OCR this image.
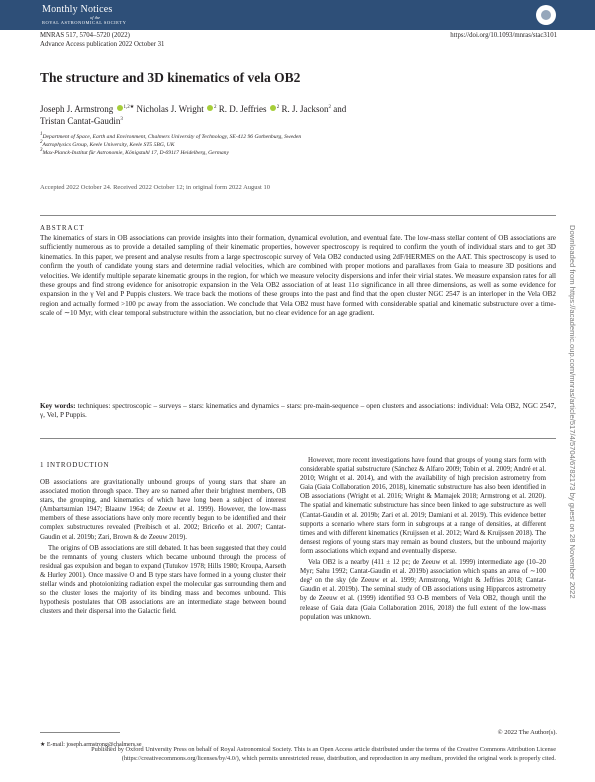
Monthly Notices
of the
ROYAL ASTRONOMICAL SOCIETY
MNRAS 517, 5704–5720 (2022)	https://doi.org/10.1093/mnras/stac3101
Advance Access publication 2022 October 31
The structure and 3D kinematics of vela OB2
Joseph J. Armstrong $^{1,2★}$ Nicholas J. Wright $^2$ R. D. Jeffries $^2$ R. J. Jackson$^2$ and
Tristan Cantat-Gaudin$^3$
$^1$Department of Space, Earth and Environment, Chalmers University of Technology, SE-412 96 Gothenburg, Sweden
$^2$Astrophysics Group, Keele University, Keele ST5 5BG, UK
$^3$Max-Planck-Institut für Astronomie, Königstuhl 17, D-69117 Heidelberg, Germany
Accepted 2022 October 24. Received 2022 October 12; in original form 2022 August 10
ABSTRACT
The kinematics of stars in OB associations can provide insights into their formation, dynamical evolution, and eventual fate. The low-mass stellar content of OB associations are sufficiently numerous as to provide a detailed sampling of their kinematic properties, however spectroscopy is required to confirm the youth of individual stars and to get 3D kinematics. In this paper, we present and analyse results from a large spectroscopic survey of Vela OB2 conducted using 2dF/HERMES on the AAT. This spectroscopy is used to confirm the youth of candidate young stars and determine radial velocities, which are combined with proper motions and parallaxes from Gaia to measure 3D positions and velocities. We identify multiple separate kinematic groups in the region, for which we measure velocity dispersions and infer their virial states. We measure expansion rates for all these groups and find strong evidence for anisotropic expansion in the Vela OB2 association of at least 11σ significance in all three dimensions, as well as some evidence for expansion in the γ Vel and P Puppis clusters. We trace back the motions of these groups into the past and find that the open cluster NGC 2547 is an interloper in the Vela OB2 region and actually formed >100 pc away from the association. We conclude that Vela OB2 must have formed with considerable spatial and kinematic substructure over a time-scale of ∼10 Myr, with clear temporal substructure within the association, but no clear evidence for an age gradient.
Key words: techniques: spectroscopic – surveys – stars: kinematics and dynamics – stars: pre-main-sequence – open clusters and associations: individual: Vela OB2, NGC 2547, γ, Vel, P Puppis.
1 INTRODUCTION

OB associations are gravitationally unbound groups of young stars that share an associated motion through space. They are so named after their brightest members, OB stars, the grouping, and kinematics of which have long been a subject of interest (Ambartsumian 1947; Blaauw 1964; de Zeeuw et al. 1999). However, the low-mass members of these associations have only more recently begun to be identified and their complex substructures revealed (Preibisch et al. 2002; Briceño et al. 2007; Cantat-Gaudin et al. 2019b; Zari, Brown & de Zeeuw 2019).

The origins of OB associations are still debated. It has been suggested that they could be the remnants of young clusters which became unbound through the process of residual gas expulsion and began to expand (Tutukov 1978; Hills 1980; Kroupa, Aarseth & Hurley 2001). Once massive O and B type stars have formed in a young cluster their stellar winds and photoionizing radiation expel the molecular gas surrounding them and so the cluster loses the majority of its binding mass and becomes unbound. This hypothesis postulates that OB associations are an intermediate stage between bound clusters and their dispersal into the Galactic field.

However, more recent investigations have found that groups of young stars form with considerable spatial substructure (Sánchez & Alfaro 2009; Tobin et al. 2009; André et al. 2010; Wright et al. 2014), and with the availability of high precision astrometry from Gaia (Gaia Collaboration 2016, 2018), kinematic substructure has also been identified in OB associations (Wright et al. 2016; Wright & Mamajek 2018; Armstrong et al. 2020). The spatial and kinematic substructure has since been linked to age substructure as well (Cantat-Gaudin et al. 2019b; Zari et al. 2019; Damiani et al. 2019). This evidence better supports a scenario where stars form in subgroups at a range of densities, at different times and with different kinematics (Kruijssen et al. 2012; Ward & Kruijssen 2018). The densest regions of young stars may remain as bound clusters, but the unbound majority form associations which expand and eventually disperse.

Vela OB2 is a nearby (411 ± 12 pc; de Zeeuw et al. 1999) intermediate age (10–20 Myr; Sahu 1992; Cantat-Gaudin et al. 2019b) association which spans an area of ∼100 deg² on the sky (de Zeeuw et al. 1999; Armstrong, Wright & Jeffries 2018; Cantat-Gaudin et al. 2019b). The seminal study of OB associations using Hipparcos astrometry by de Zeeuw et al. (1999) identified 93 O-B members of Vela OB2, though until the release of Gaia data (Gaia Collaboration 2016, 2018) the full extent of the low-mass population was unknown.

★ E-mail: joseph.armstrong@chalmers.se
© 2022 The Author(s).
Published by Oxford University Press on behalf of Royal Astronomical Society. This is an Open Access article distributed under the terms of the Creative Commons Attribution License (https://creativecommons.org/licenses/by/4.0/), which permits unrestricted reuse, distribution, and reproduction in any medium, provided the original work is properly cited.
Downloaded from https://academic.oup.com/mnras/article/517/4/5704/6782173 by guest on 28 November 2022
